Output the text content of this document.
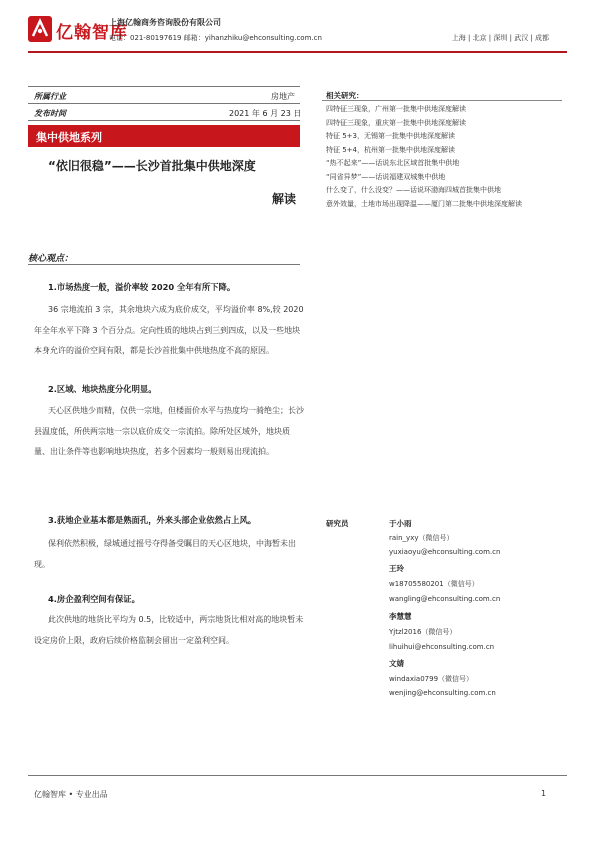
亿翰智库
上海亿翰商务咨询股份有限公司
电话：021-80197619 邮箱：yihanzhiku@ehconsulting.com.cn	上海 | 北京 | 深圳 | 武汉 | 成都
所属行业	房地产
发布时间	2021 年 6 月 23 日
集中供地系列
“依旧很稳”——长沙首批集中供地深度
解读
核心观点：
1.市场热度一般，溢价率较 2020 全年有所下降。
36 宗地流拍 3 宗，其余地块六成为底价成交，平均溢价率 8%,较 2020 年全年水平下降 3 个百分点。定向性质的地块占到三到四成，以及一些地块本身允许的溢价空间有限，都是长沙首批集中供地热度不高的原因。
2.区域、地块热度分化明显。
天心区供地少而精，仅供一宗地，但楼面价水平与热度均一骑绝尘；长沙县温度低，所供两宗地一宗以底价成交一宗流拍。除所处区域外，地块质量、出让条件等也影响地块热度，若多个因素均一般则易出现流拍。
3.获地企业基本都是熟面孔，外来头部企业依然占上风。
保利依然积极，绿城通过摇号夺得备受瞩目的天心区地块，中海暂未出现。
4.房企盈利空间有保证。
此次供地的地货比平均为 0.5，比较适中，两宗地货比相对高的地块暂未设定房价上限，政府后续价格监制会留出一定盈利空间。
相关研究：
四特征三现象，广州第一批集中供地深度解读
四特征三现象，重庆第一批集中供地深度解读
特征 5+3，无锡第一批集中供地深度解读
特征 5+4，杭州第一批集中供地深度解读
“热不起来”——话说东北区域首批集中供地
“同省异梦”——话说福建双城集中供地
什么变了，什么没变？——话说环渤海四城首批集中供地
意外效量，土地市场出现降温——厦门第二批集中供地深度解读
研究员	于小雨
rain_yxy（微信号）
yuxiaoyu@ehconsulting.com.cn
王玲
w18705580201（微信号）
wangling@ehconsulting.com.cn
李慧慧
Yjtzl2016（微信号）
lihuihui@ehconsulting.com.cn
文婧
windaxia0799（微信号）
wenjing@ehconsulting.com.cn
亿翰智库 • 专业出品	1
